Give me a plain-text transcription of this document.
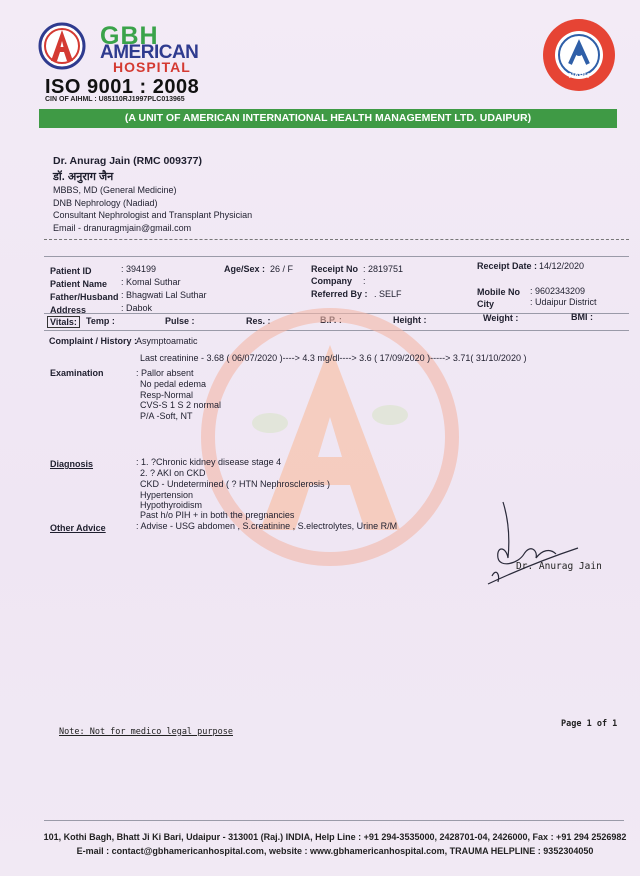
GBH
AMERICAN
HOSPITAL
ISO 9001 : 2008
CIN OF AIHML : U85110RJ1997PLC013965
NABH
(A UNIT OF AMERICAN INTERNATIONAL HEALTH MANAGEMENT LTD. UDAIPUR)
Dr. Anurag Jain (RMC 009377)
डॉ. अनुराग जैन
MBBS, MD (General Medicine)
DNB Nephrology (Nadiad)
Consultant Nephrologist and Transplant Physician
Email - dranuragmjain@gmail.com
Patient ID	: 394199
Patient Name : Komal Suthar
Father/Husband : Bhagwati Lal Suthar
Address	: Dabok
Age/Sex : 26 / F Receipt No : 2819751
Company :
Referred By : . SELF
Receipt Date : 14/12/2020
Mobile No : 9602343209
City	: Udaipur District
Vitals:	Temp :	Pulse :	Res. :	B.P. :	Height :	Weight :	BMI :
Complaint / History :
Asymptoamatic
Last creatinine - 3.68 ( 06/07/2020 )----> 4.3 mg/dl----> 3.6 ( 17/09/2020 )-----> 3.71( 31/10/2020 )
Examination	: Pallor absent
No pedal edema
Resp-Normal
CVS-S 1 S 2 normal
P/A -Soft, NT
Diagnosis	: 1. ?Chronic kidney disease stage 4
2. ? AKI on CKD
CKD - Undetermined ( ? HTN Nephrosclerosis )
Hypertension
Hypothyroidism
Past h/o PIH + in both the pregnancies
Other Advice	: Advise - USG abdomen , S.creatinine , S.electrolytes, Urine R/M
Dr. Anurag Jain
Note: Not for medico legal purpose
Page 1 of 1
101, Kothi Bagh, Bhatt Ji Ki Bari, Udaipur - 313001 (Raj.) INDIA, Help Line : +91 294-3535000, 2428701-04, 2426000, Fax : +91 294 2526982
E-mail : contact@gbhamericanhospital.com, website : www.gbhamericanhospital.com, TRAUMA HELPLINE : 9352304050
